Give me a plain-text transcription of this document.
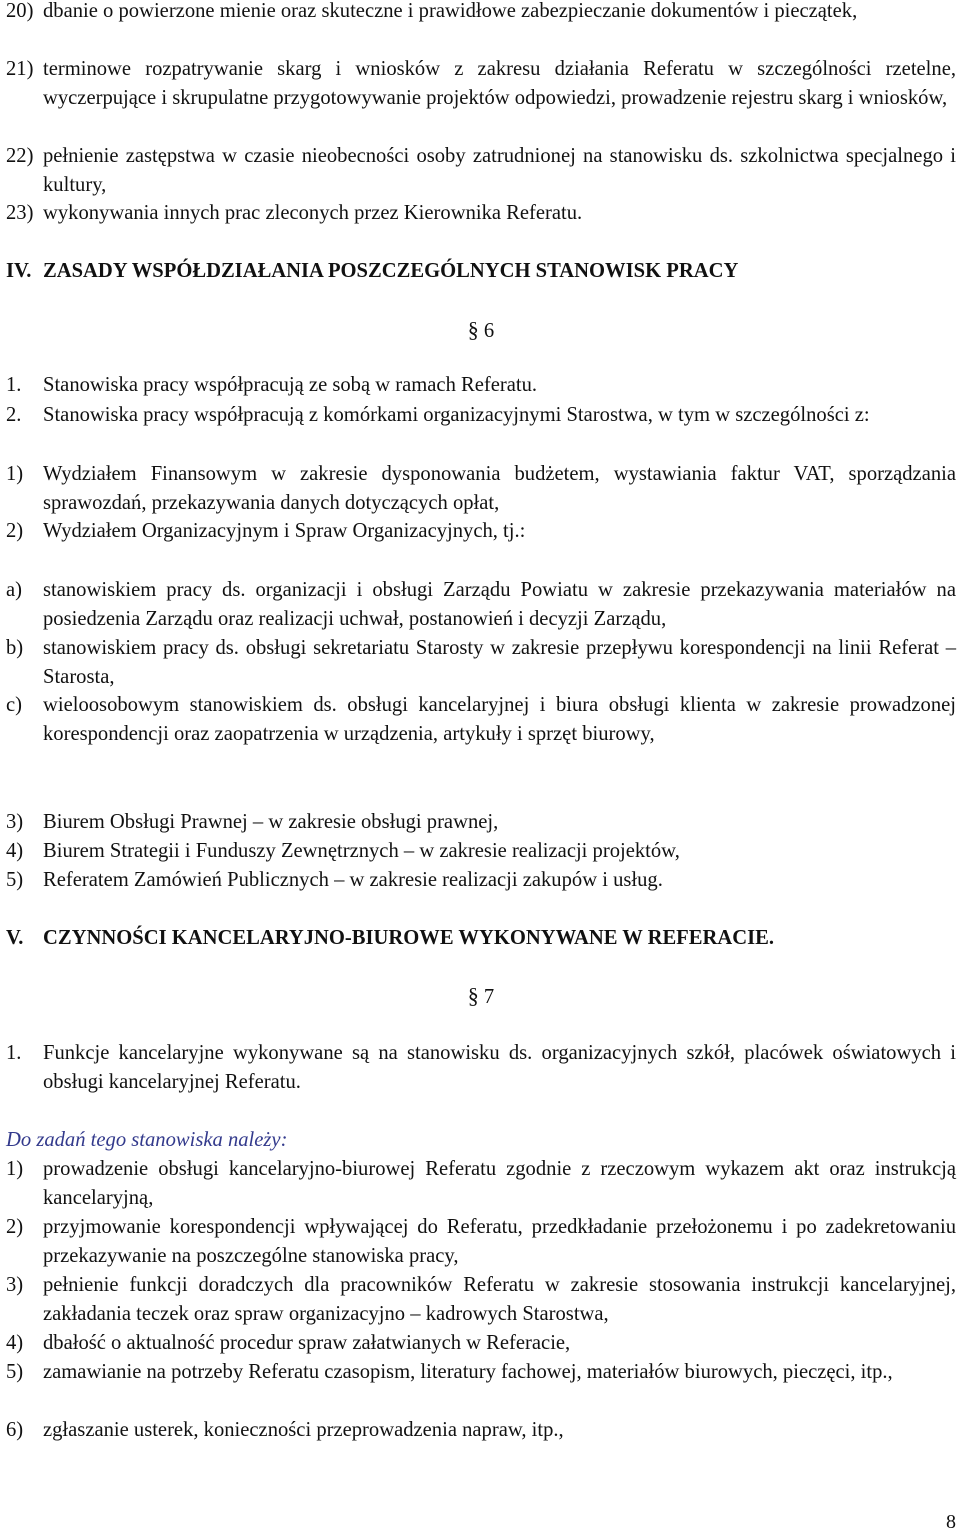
20) dbanie o powierzone mienie oraz skuteczne i prawidłowe zabezpieczanie dokumentów i pieczątek,
21) terminowe rozpatrywanie skarg i wniosków z zakresu działania Referatu w szczególności rzetelne, wyczerpujące i skrupulatne przygotowywanie projektów odpowiedzi, prowadzenie rejestru skarg i wniosków,
22) pełnienie zastępstwa w czasie nieobecności osoby zatrudnionej na stanowisku ds. szkolnictwa specjalnego i kultury,
23) wykonywania innych prac zleconych przez Kierownika Referatu.
IV. ZASADY WSPÓŁDZIAŁANIA POSZCZEGÓLNYCH STANOWISK PRACY
§ 6
1. Stanowiska pracy współpracują ze sobą w ramach Referatu.
2. Stanowiska pracy współpracują z komórkami organizacyjnymi Starostwa, w tym w szczególności z:
1) Wydziałem Finansowym w zakresie dysponowania budżetem, wystawiania faktur VAT, sporządzania sprawozdań, przekazywania danych dotyczących opłat,
2) Wydziałem Organizacyjnym i Spraw Organizacyjnych, tj.:
a) stanowiskiem pracy ds. organizacji i obsługi Zarządu Powiatu w zakresie przekazywania materiałów na posiedzenia Zarządu oraz realizacji uchwał, postanowień i decyzji Zarządu,
b) stanowiskiem pracy ds. obsługi sekretariatu Starosty w zakresie przepływu korespondencji na linii Referat – Starosta,
c) wieloosobowym stanowiskiem ds. obsługi kancelaryjnej i biura obsługi klienta w zakresie prowadzonej korespondencji oraz zaopatrzenia w urządzenia, artykuły i sprzęt biurowy,
3) Biurem Obsługi Prawnej – w zakresie obsługi prawnej,
4) Biurem Strategii i Funduszy Zewnętrznych – w zakresie realizacji projektów,
5) Referatem Zamówień Publicznych – w zakresie realizacji zakupów i usług.
V. CZYNNOŚCI KANCELARYJNO-BIUROWE WYKONYWANE W REFERACIE.
§ 7
1. Funkcje kancelaryjne wykonywane są na stanowisku ds. organizacyjnych szkół, placówek oświatowych i obsługi kancelaryjnej Referatu.
Do zadań tego stanowiska należy:
1) prowadzenie obsługi kancelaryjno-biurowej Referatu zgodnie z rzeczowym wykazem akt oraz instrukcją kancelaryjną,
2) przyjmowanie korespondencji wpływającej do Referatu, przedkładanie przełożonemu i po zadekretowaniu przekazywanie na poszczególne stanowiska pracy,
3) pełnienie funkcji doradczych dla pracowników Referatu w zakresie stosowania instrukcji kancelaryjnej, zakładania teczek oraz spraw organizacyjno – kadrowych Starostwa,
4) dbałość o aktualność procedur spraw załatwianych w Referacie,
5) zamawianie na potrzeby Referatu czasopism, literatury fachowej, materiałów biurowych, pieczęci, itp.,
6) zgłaszanie usterek, konieczności przeprowadzenia napraw, itp.,
8
